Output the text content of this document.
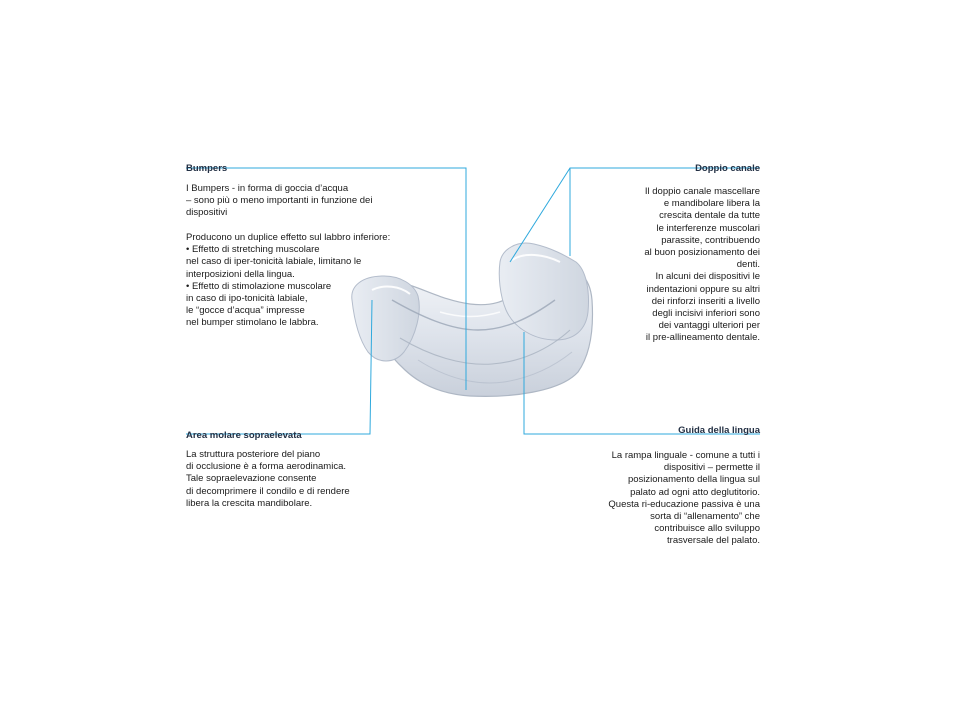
Bumpers
I Bumpers - in forma di goccia d’acqua
– sono più o meno importanti in funzione dei
dispositivi
Producono un duplice effetto sul labbro inferiore:
• Effetto di stretching muscolare
nel caso di iper-tonicità labiale, limitano le
interposizioni della lingua.
• Effetto di stimolazione muscolare
in caso di ipo-tonicità labiale,
le “gocce d’acqua” impresse
nel bumper stimolano le labbra.
Doppio canale
Il doppio canale mascellare
e mandibolare libera la
crescita dentale da tutte
le interferenze muscolari
parassite, contribuendo
al buon posizionamento dei
denti.
In alcuni dei dispositivi le
indentazioni oppure su altri
dei rinforzi inseriti a livello
degli incisivi inferiori sono
dei vantaggi ulteriori per
il pre-allineamento dentale.
Area molare sopraelevata
La struttura posteriore del piano
di occlusione è a forma aerodinamica.
Tale sopraelevazione consente
di decomprimere il condilo e di rendere
libera la crescita mandibolare.
Guida della lingua
La rampa linguale - comune a tutti i
dispositivi – permette il
posizionamento della lingua sul
palato ad ogni atto deglutitorio.
Questa ri-educazione passiva è una
sorta di “allenamento” che
contribuisce allo sviluppo
trasversale del palato.
